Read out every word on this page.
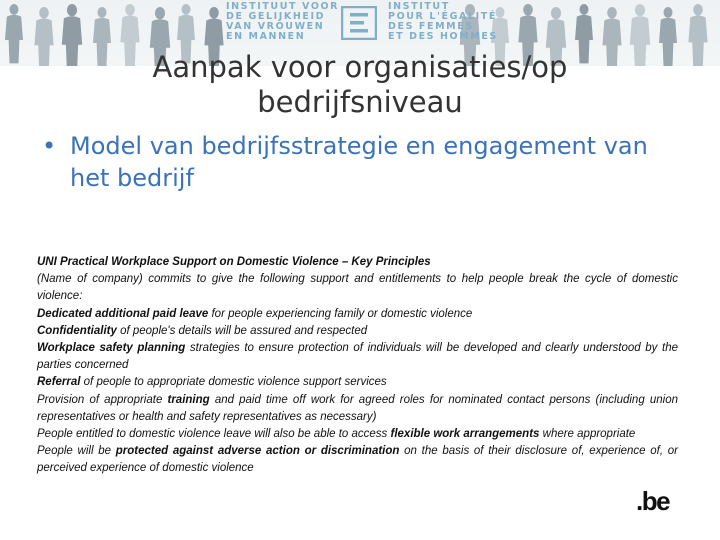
INSTITUUT VOOR
DE GELIJKHEID
VAN VROUWEN
EN MANNEN
INSTITUT
POUR L'ÉGALITÉ
DES FEMMES
ET DES HOMMES
Aanpak voor organisaties/op bedrijfsniveau
• Model van bedrijfsstrategie en engagement van het bedrijf

UNI Practical Workplace Support on Domestic Violence – Key Principles

(Name of company) commits to give the following support and entitlements to help people break the cycle of domestic violence:

Dedicated additional paid leave for people experiencing family or domestic violence

Confidentiality of people's details will be assured and respected

Workplace safety planning strategies to ensure protection of individuals will be developed and clearly understood by the parties concerned

Referral of people to appropriate domestic violence support services

Provision of appropriate training and paid time off work for agreed roles for nominated contact persons (including union representatives or health and safety representatives as necessary)

People entitled to domestic violence leave will also be able to access flexible work arrangements where appropriate

People will be protected against adverse action or discrimination on the basis of their disclosure of, experience of, or perceived experience of domestic violence

.be
